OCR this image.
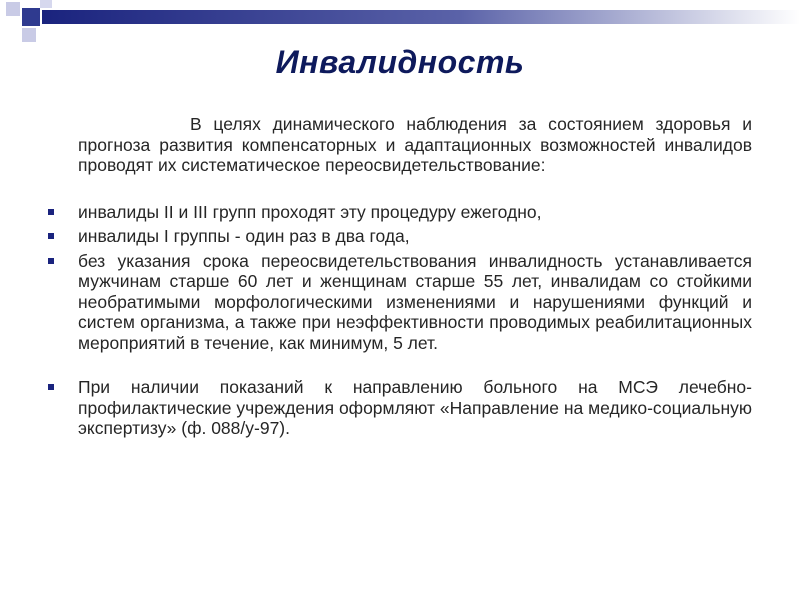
Инвалидность

В целях динамического наблюдения за состоянием здоровья и прогноза развития компенсаторных и адаптационных возможностей инвалидов проводят их систематическое переосвидетельствование:

инвалиды II и III групп проходят эту процедуру ежегодно,
инвалиды I группы - один раз в два года,
без указания срока переосвидетельствования инвалидность устанавливается мужчинам старше 60 лет и женщинам старше 55 лет, инвалидам со стойкими необратимыми морфологическими изменениями и нарушениями функций и систем организма, а также при неэффективности проводимых реабилитационных мероприятий в течение, как минимум, 5 лет.
При наличии показаний к направлению больного на МСЭ лечебно-профилактические учреждения оформляют «Направление на медико-социальную экспертизу» (ф. 088/у-97).
